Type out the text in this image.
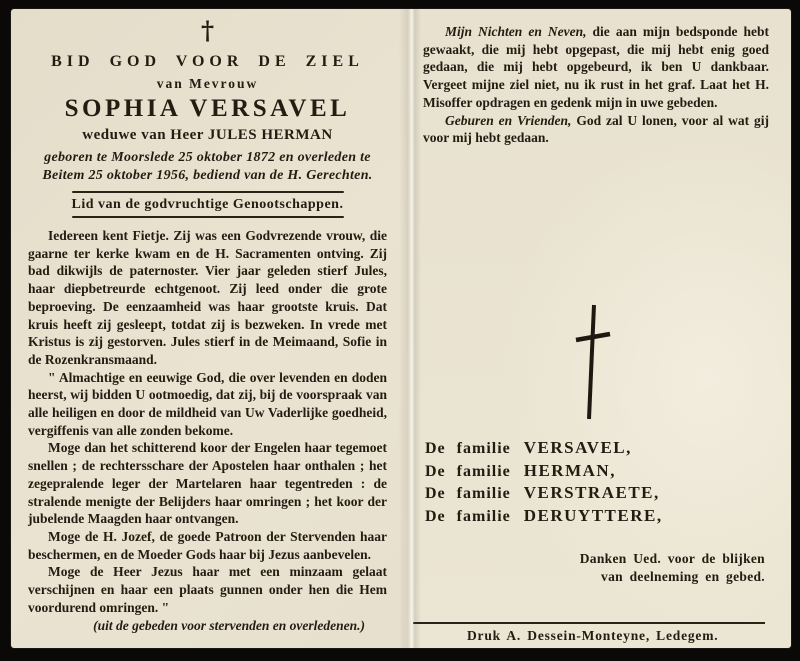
†
BID GOD VOOR DE ZIEL
van Mevrouw
SOPHIA VERSAVEL
weduwe van Heer JULES HERMAN
geboren te Moorslede 25 oktober 1872 en overleden te
Beitem 25 oktober 1956, bediend van de H. Gerechten.
Lid van de godvruchtige Genootschappen.

Iedereen kent Fietje. Zij was een Godvrezende vrouw, die gaarne ter kerke kwam en de H. Sacramenten ontving. Zij bad dikwijls de paternoster. Vier jaar geleden stierf Jules, haar diepbetreurde echtgenoot. Zij leed onder die grote beproeving. De eenzaamheid was haar grootste kruis. Dat kruis heeft zij gesleept, totdat zij is bezweken. In vrede met Kristus is zij gestorven. Jules stierf in de Meimaand, Sofie in de Rozenkransmaand.

" Almachtige en eeuwige God, die over levenden en doden heerst, wij bidden U ootmoedig, dat zij, bij de voorspraak van alle heiligen en door de mildheid van Uw Vaderlijke goedheid, vergiffenis van alle zonden bekome.

Moge dan het schitterend koor der Engelen haar tegemoet snellen ; de rechtersschare der Apostelen haar onthalen ; het zegepralende leger der Martelaren haar tegentreden : de stralende menigte der Belijders haar omringen ; het koor der jubelende Maagden haar ontvangen.

Moge de H. Jozef, de goede Patroon der Stervenden haar beschermen, en de Moeder Gods haar bij Jezus aanbevelen.

Moge de Heer Jezus haar met een minzaam gelaat verschijnen en haar een plaats gunnen onder hen die Hem voordurend omringen. "

(uit de gebeden voor stervenden en overledenen.)

Mijn Nichten en Neven, die aan mijn bedsponde hebt gewaakt, die mij hebt opgepast, die mij hebt enig goed gedaan, die mij hebt opgebeurd, ik ben U dankbaar. Vergeet mijne ziel niet, nu ik rust in het graf. Laat het H. Misoffer opdragen en gedenk mijn in uwe gebeden.

Geburen en Vrienden, God zal U lonen, voor al wat gij voor mij hebt gedaan.

De familie VERSAVEL,
De familie HERMAN,
De familie VERSTRAETE,
De familie DERUYTTERE,
Danken Ued. voor de blijken
van deelneming en gebed.
Druk A. Dessein-Monteyne, Ledegem.
